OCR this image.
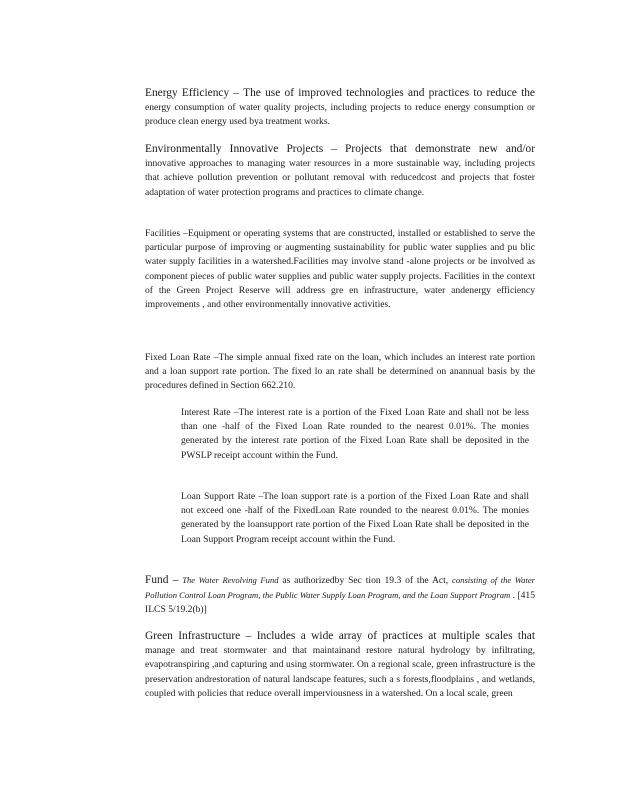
Energy Efficiency – The use of improved technologies and practices to reduce the energy consumption of water quality projects, including projects to reduce energy consumption or produce clean energy used bya treatment works.

Environmentally Innovative Projects – Projects that demonstrate new and/or innovative approaches to managing water resources in a more sustainable way, including projects that achieve pollution prevention or pollutant removal with reducedcost and projects that foster adaptation of water protection programs and practices to climate change.

Facilities –Equipment or operating systems that are constructed, installed or established to serve the particular purpose of improving or augmenting sustainability for public water supplies and pu blic water supply facilities in a watershed.Facilities may involve stand -alone projects or be involved as component pieces of public water supplies and public water supply projects. Facilities in the context of the Green Project Reserve will address gre en infrastructure, water andenergy efficiency improvements , and other environmentally innovative activities.

Fixed Loan Rate –The simple annual fixed rate on the loan, which includes an interest rate portion and a loan support rate portion. The fixed lo an rate shall be determined on anannual basis by the procedures defined in Section 662.210.

Interest Rate –The interest rate is a portion of the Fixed Loan Rate and shall not be less than one -half of the Fixed Loan Rate rounded to the nearest 0.01%. The monies generated by the interest rate portion of the Fixed Loan Rate shall be deposited in the PWSLP receipt account within the Fund.

Loan Support Rate –The loan support rate is a portion of the Fixed Loan Rate and shall not exceed one -half of the FixedLoan Rate rounded to the nearest 0.01%. The monies generated by the loansupport rate portion of the Fixed Loan Rate shall be deposited in the Loan Support Program receipt account within the Fund.

Fund – The Water Revolving Fund as authorizedby Sec tion 19.3 of the Act, consisting of the Water Pollution Control Loan Program, the Public Water Supply Loan Program, and the Loan Support Program . [415 ILCS 5/19.2(b)]

Green Infrastructure – Includes a wide array of practices at multiple scales that manage and treat stormwater and that maintainand restore natural hydrology by infiltrating, evapotranspiring ,and capturing and using stormwater. On a regional scale, green infrastructure is the preservation andrestoration of natural landscape features, such a s forests,floodplains , and wetlands, coupled with policies that reduce overall imperviousness in a watershed. On a local scale, green
